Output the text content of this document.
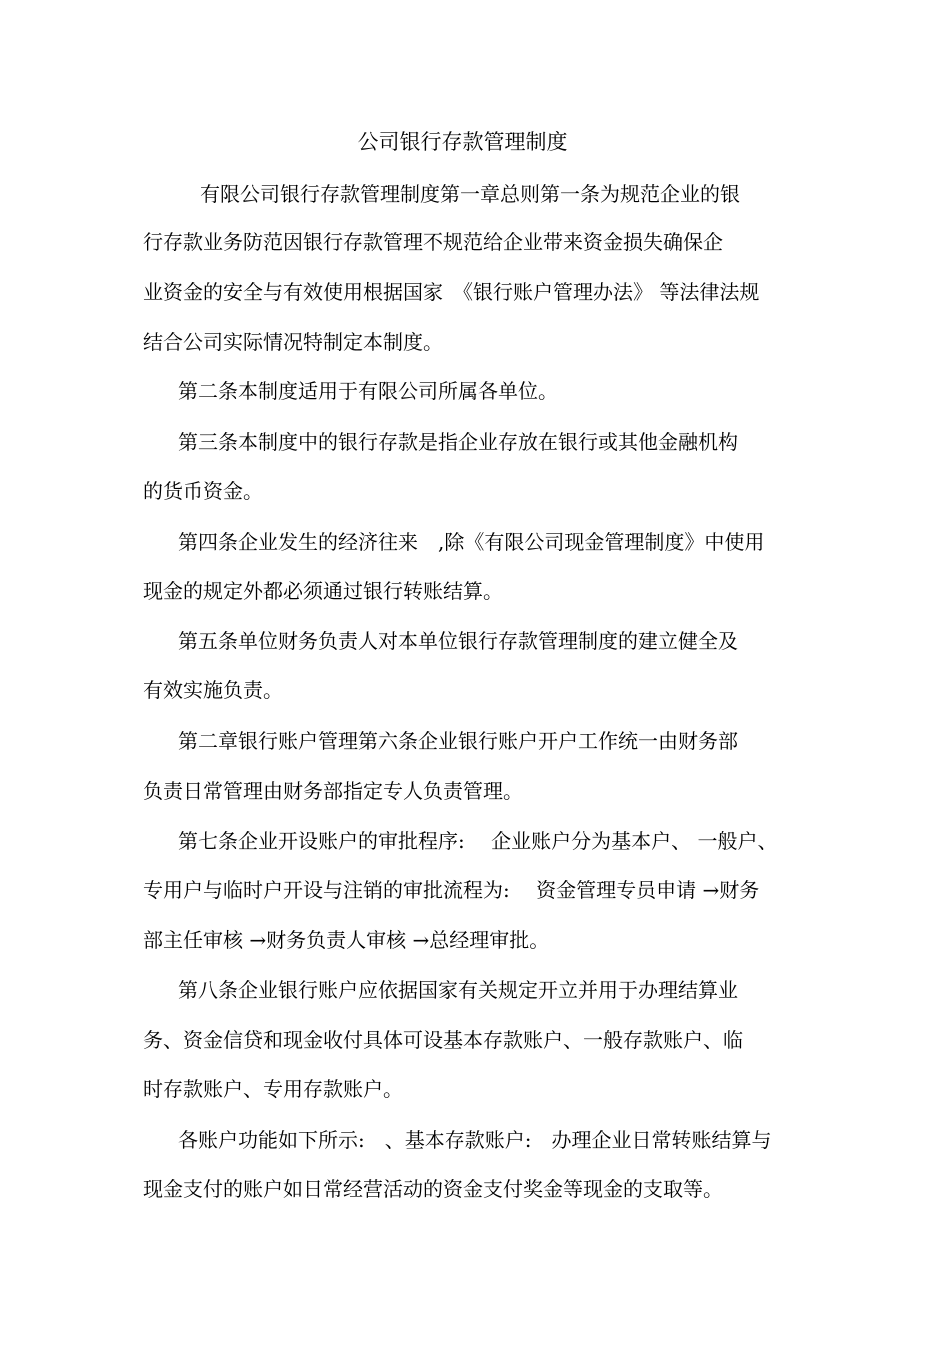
公司银行存款管理制度
有限公司银行存款管理制度第一章总则第一条为规范企业的银
行存款业务防范因银行存款管理不规范给企业带来资金损失确保企
业资金的安全与有效使用根据国家　《银行账户管理办法》 等法律法规
结合公司实际情况特制定本制度。
第二条本制度适用于有限公司所属各单位。
第三条本制度中的银行存款是指企业存放在银行或其他金融机构
的货币资金。
第四条企业发生的经济往来　,除《有限公司现金管理制度》中使用
现金的规定外都必须通过银行转账结算。
第五条单位财务负责人对本单位银行存款管理制度的建立健全及
有效实施负责。
第二章银行账户管理第六条企业银行账户开户工作统一由财务部
负责日常管理由财务部指定专人负责管理。
第七条企业开设账户的审批程序:　 企业账户分为基本户、 一般户、
专用户与临时户开设与注销的审批流程为:　 资金管理专员申请 →财务
部主任审核 →财务负责人审核 →总经理审批。
第八条企业银行账户应依据国家有关规定开立并用于办理结算业
务、资金信贷和现金收付具体可设基本存款账户、一般存款账户、临
时存款账户、专用存款账户。
各账户功能如下所示:　、基本存款账户:　办理企业日常转账结算与
现金支付的账户如日常经营活动的资金支付奖金等现金的支取等。
